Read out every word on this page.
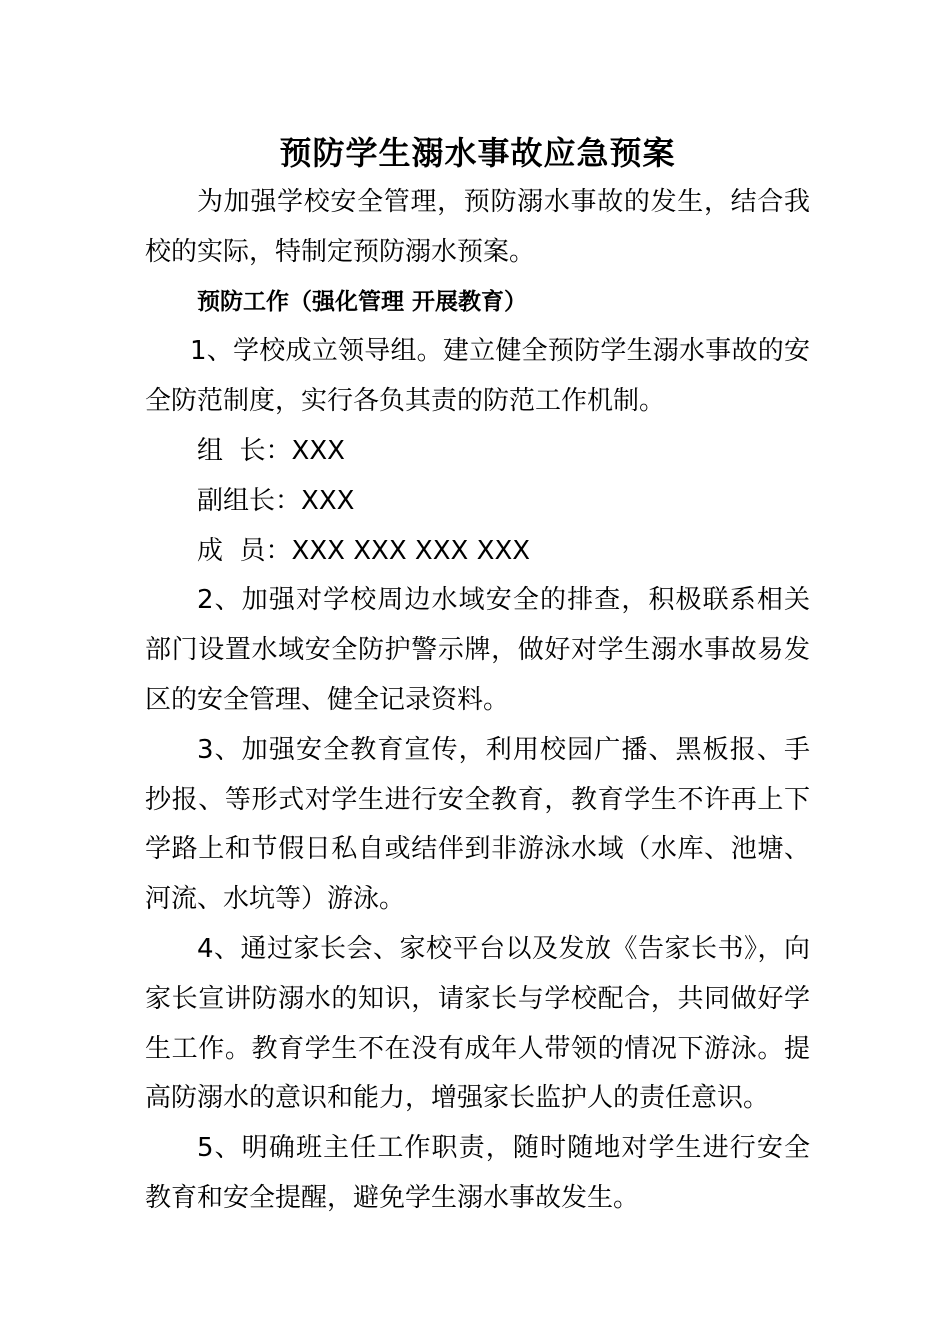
预防学生溺水事故应急预案

为加强学校安全管理，预防溺水事故的发生，结合我校的实际，特制定预防溺水预案。

预防工作（强化管理 开展教育）

1、学校成立领导组。建立健全预防学生溺水事故的安全防范制度，实行各负其责的防范工作机制。

组  长：XXX

副组长：XXX

成  员：XXX XXX XXX XXX

2、加强对学校周边水域安全的排查，积极联系相关部门设置水域安全防护警示牌，做好对学生溺水事故易发区的安全管理、健全记录资料。

3、加强安全教育宣传，利用校园广播、黑板报、手抄报、等形式对学生进行安全教育，教育学生不许再上下学路上和节假日私自或结伴到非游泳水域（水库、池塘、河流、水坑等）游泳。

4、通过家长会、家校平台以及发放《告家长书》，向家长宣讲防溺水的知识，请家长与学校配合，共同做好学生工作。教育学生不在没有成年人带领的情况下游泳。提高防溺水的意识和能力，增强家长监护人的责任意识。

5、明确班主任工作职责，随时随地对学生进行安全教育和安全提醒，避免学生溺水事故发生。
